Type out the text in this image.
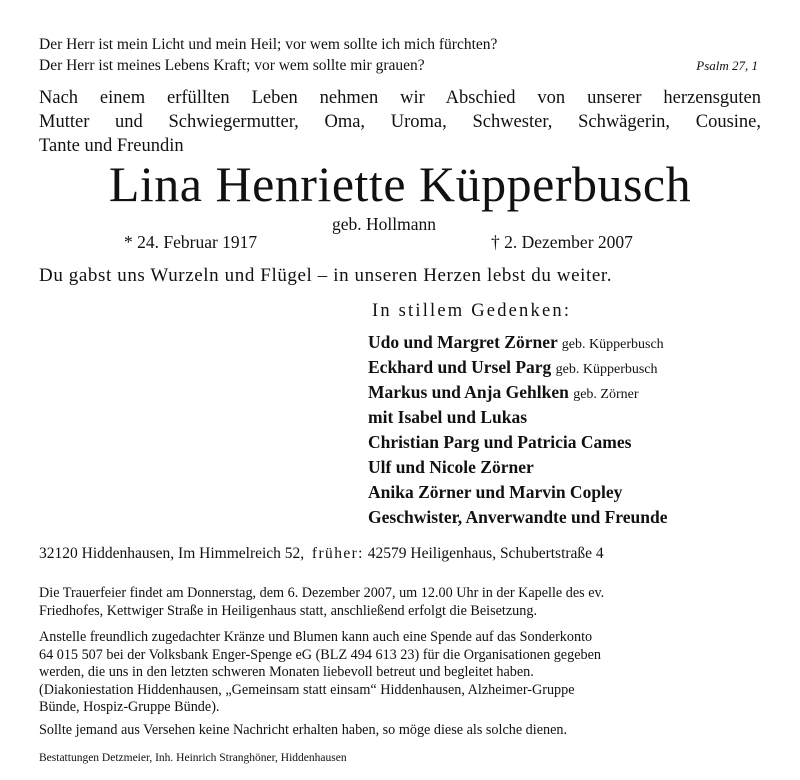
Der Herr ist mein Licht und mein Heil; vor wem sollte ich mich fürchten?
Der Herr ist meines Lebens Kraft; vor wem sollte mir grauen?	Psalm 27, 1
Nach einem erfüllten Leben nehmen wir Abschied von unserer herzensguten
Mutter und Schwiegermutter, Oma, Uroma, Schwester, Schwägerin, Cousine,
Tante und Freundin
Lina Henriette Küpperbusch
geb. Hollmann
* 24. Februar 1917	† 2. Dezember 2007
Du gabst uns Wurzeln und Flügel – in unseren Herzen lebst du weiter.
In stillem Gedenken:
Udo und Margret Zörner geb. Küpperbusch
Eckhard und Ursel Parg geb. Küpperbusch
Markus und Anja Gehlken geb. Zörner
mit Isabel und Lukas
Christian Parg und Patricia Cames
Ulf und Nicole Zörner
Anika Zörner und Marvin Copley
Geschwister, Anverwandte und Freunde
32120 Hiddenhausen, Im Himmelreich 52, früher: 42579 Heiligenhaus, Schubertstraße 4
Die Trauerfeier findet am Donnerstag, dem 6. Dezember 2007, um 12.00 Uhr in der Kapelle des ev.
Friedhofes, Kettwiger Straße in Heiligenhaus statt, anschließend erfolgt die Beisetzung.
Anstelle freundlich zugedachter Kränze und Blumen kann auch eine Spende auf das Sonderkonto
64 015 507 bei der Volksbank Enger-Spenge eG (BLZ 494 613 23) für die Organisationen gegeben
werden, die uns in den letzten schweren Monaten liebevoll betreut und begleitet haben.
(Diakoniestation Hiddenhausen, „Gemeinsam statt einsam“ Hiddenhausen, Alzheimer-Gruppe
Bünde, Hospiz-Gruppe Bünde).
Sollte jemand aus Versehen keine Nachricht erhalten haben, so möge diese als solche dienen.
Bestattungen Detzmeier, Inh. Heinrich Stranghöner, Hiddenhausen
